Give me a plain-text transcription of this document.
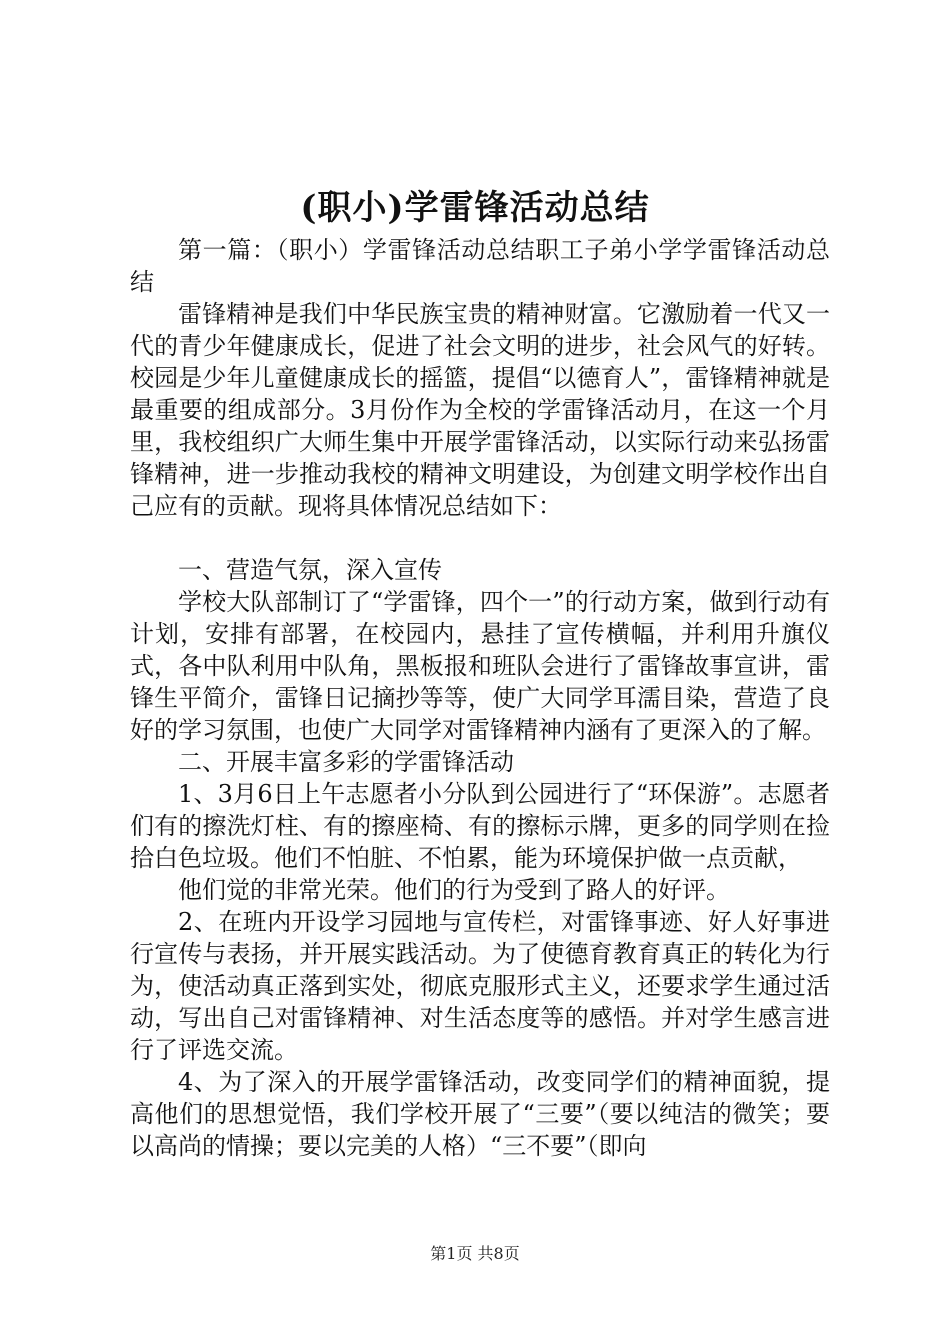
(职小)学雷锋活动总结

第一篇：（职小）学雷锋活动总结职工子弟小学学雷锋活动总结

雷锋精神是我们中华民族宝贵的精神财富。它激励着一代又一代的青少年健康成长，促进了社会文明的进步，社会风气的好转。校园是少年儿童健康成长的摇篮，提倡“以德育人”，雷锋精神就是最重要的组成部分。3月份作为全校的学雷锋活动月，在这一个月里，我校组织广大师生集中开展学雷锋活动，以实际行动来弘扬雷锋精神，进一步推动我校的精神文明建设，为创建文明学校作出自己应有的贡献。现将具体情况总结如下：

一、营造气氛，深入宣传

学校大队部制订了“学雷锋，四个一”的行动方案，做到行动有计划，安排有部署，在校园内，悬挂了宣传横幅，并利用升旗仪式，各中队利用中队角，黑板报和班队会进行了雷锋故事宣讲，雷锋生平简介，雷锋日记摘抄等等，使广大同学耳濡目染，营造了良好的学习氛围，也使广大同学对雷锋精神内涵有了更深入的了解。

二、开展丰富多彩的学雷锋活动

1、3月6日上午志愿者小分队到公园进行了“环保游”。志愿者们有的擦洗灯柱、有的擦座椅、有的擦标示牌，更多的同学则在捡拾白色垃圾。他们不怕脏、不怕累，能为环境保护做一点贡献，

他们觉的非常光荣。他们的行为受到了路人的好评。

2、在班内开设学习园地与宣传栏，对雷锋事迹、好人好事进行宣传与表扬，并开展实践活动。为了使德育教育真正的转化为行为，使活动真正落到实处，彻底克服形式主义，还要求学生通过活动，写出自己对雷锋精神、对生活态度等的感悟。并对学生感言进行了评选交流。

4、为了深入的开展学雷锋活动，改变同学们的精神面貌，提高他们的思想觉悟，我们学校开展了“三要”（要以纯洁的微笑；要以高尚的情操；要以完美的人格）“三不要”（即向

第1页 共8页
